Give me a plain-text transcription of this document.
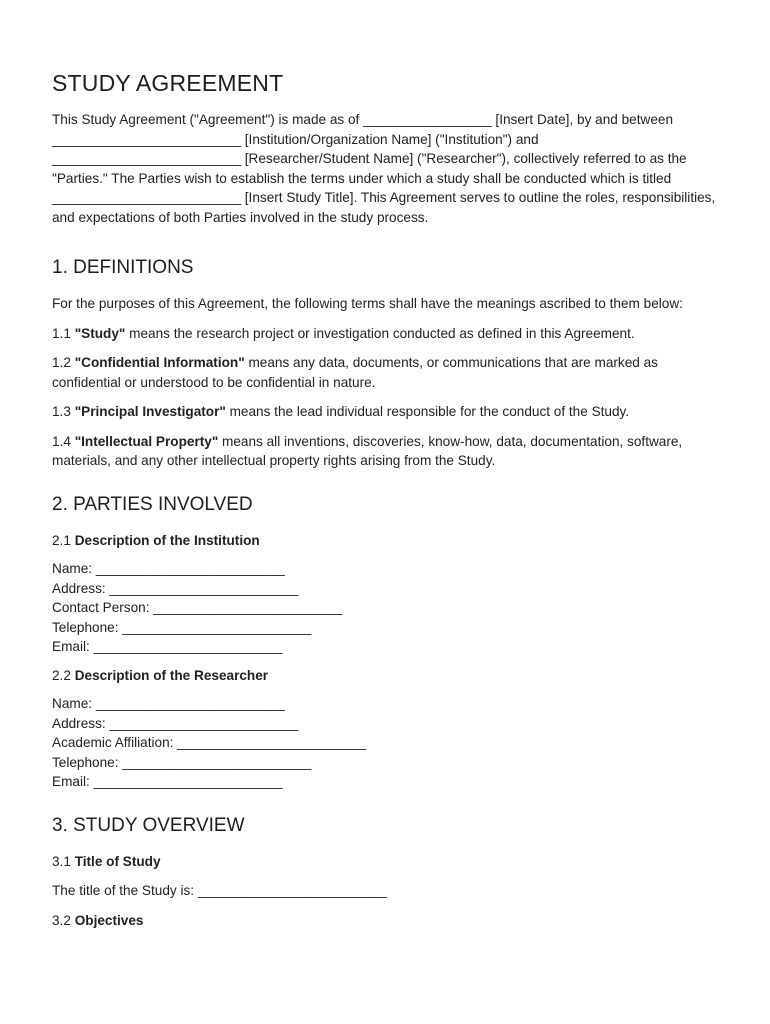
STUDY AGREEMENT

This Study Agreement ("Agreement") is made as of _________________ [Insert Date], by and between _________________________ [Institution/Organization Name] ("Institution") and _________________________ [Researcher/Student Name] ("Researcher"), collectively referred to as the "Parties." The Parties wish to establish the terms under which a study shall be conducted which is titled _________________________ [Insert Study Title]. This Agreement serves to outline the roles, responsibilities, and expectations of both Parties involved in the study process.

1. DEFINITIONS

For the purposes of this Agreement, the following terms shall have the meanings ascribed to them below:

1.1 "Study" means the research project or investigation conducted as defined in this Agreement.

1.2 "Confidential Information" means any data, documents, or communications that are marked as confidential or understood to be confidential in nature.

1.3 "Principal Investigator" means the lead individual responsible for the conduct of the Study.

1.4 "Intellectual Property" means all inventions, discoveries, know-how, data, documentation, software, materials, and any other intellectual property rights arising from the Study.

2. PARTIES INVOLVED

2.1 Description of the Institution

Name: _________________________

Address: _________________________

Contact Person: _________________________

Telephone: _________________________

Email: _________________________

2.2 Description of the Researcher

Name: _________________________

Address: _________________________

Academic Affiliation: _________________________

Telephone: _________________________

Email: _________________________

3. STUDY OVERVIEW

3.1 Title of Study

The title of the Study is: _________________________

3.2 Objectives
